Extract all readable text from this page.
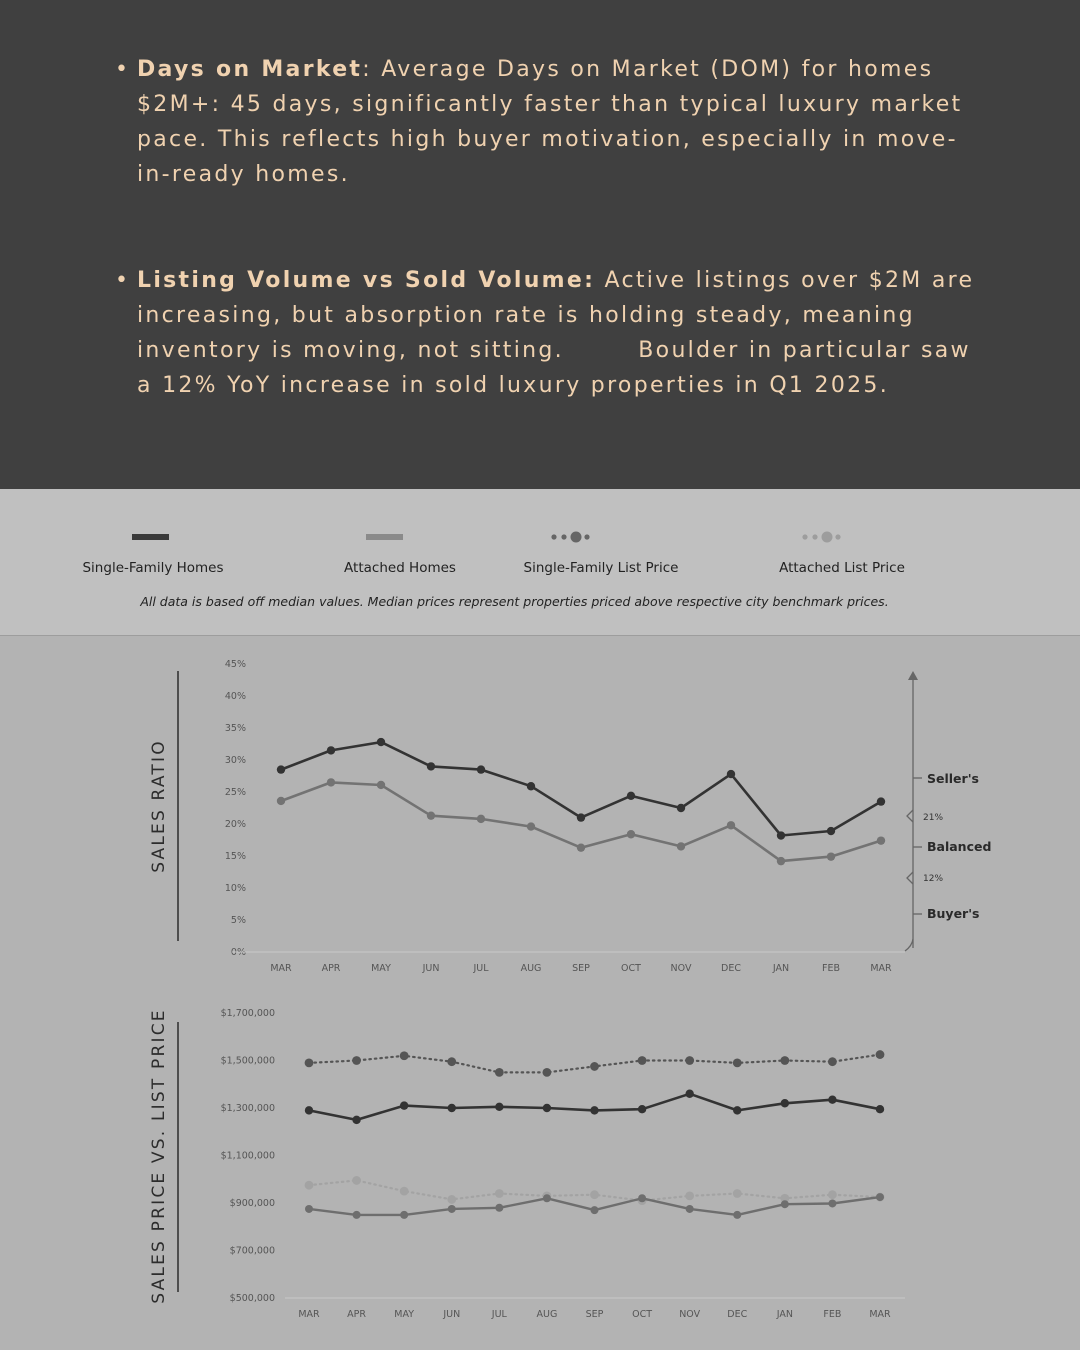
• Days on Market: Average Days on Market (DOM) for homes $2M+: 45 days, significantly faster than typical luxury market pace. This reflects high buyer motivation, especially in move-in-ready homes.
• Listing Volume vs Sold Volume: Active listings over $2M are increasing, but absorption rate is holding steady, meaning inventory is moving, not sitting.        Boulder in particular saw a 12% YoY increase in sold luxury properties in Q1 2025.
Single-Family Homes	Attached Homes	Single-Family List Price	Attached List Price
All data is based off median values. Median prices represent properties priced above respective city benchmark prices.
SALES RATIO
0%
5%
10%
15%
20%
25%
30%
35%
40%
45%
MAR	APR	MAY	JUN	JUL	AUG	SEP	OCT	NOV	DEC	JAN	FEB	MAR
Seller's
Balanced
Buyer's
21%
12%
SALES PRICE VS. LIST PRICE	$500,000
$700,000
$900,000
$1,100,000
$1,300,000
$1,500,000
$1,700,000
MAR	APR	MAY	JUN	JUL	AUG	SEP	OCT	NOV	DEC	JAN	FEB	MAR
